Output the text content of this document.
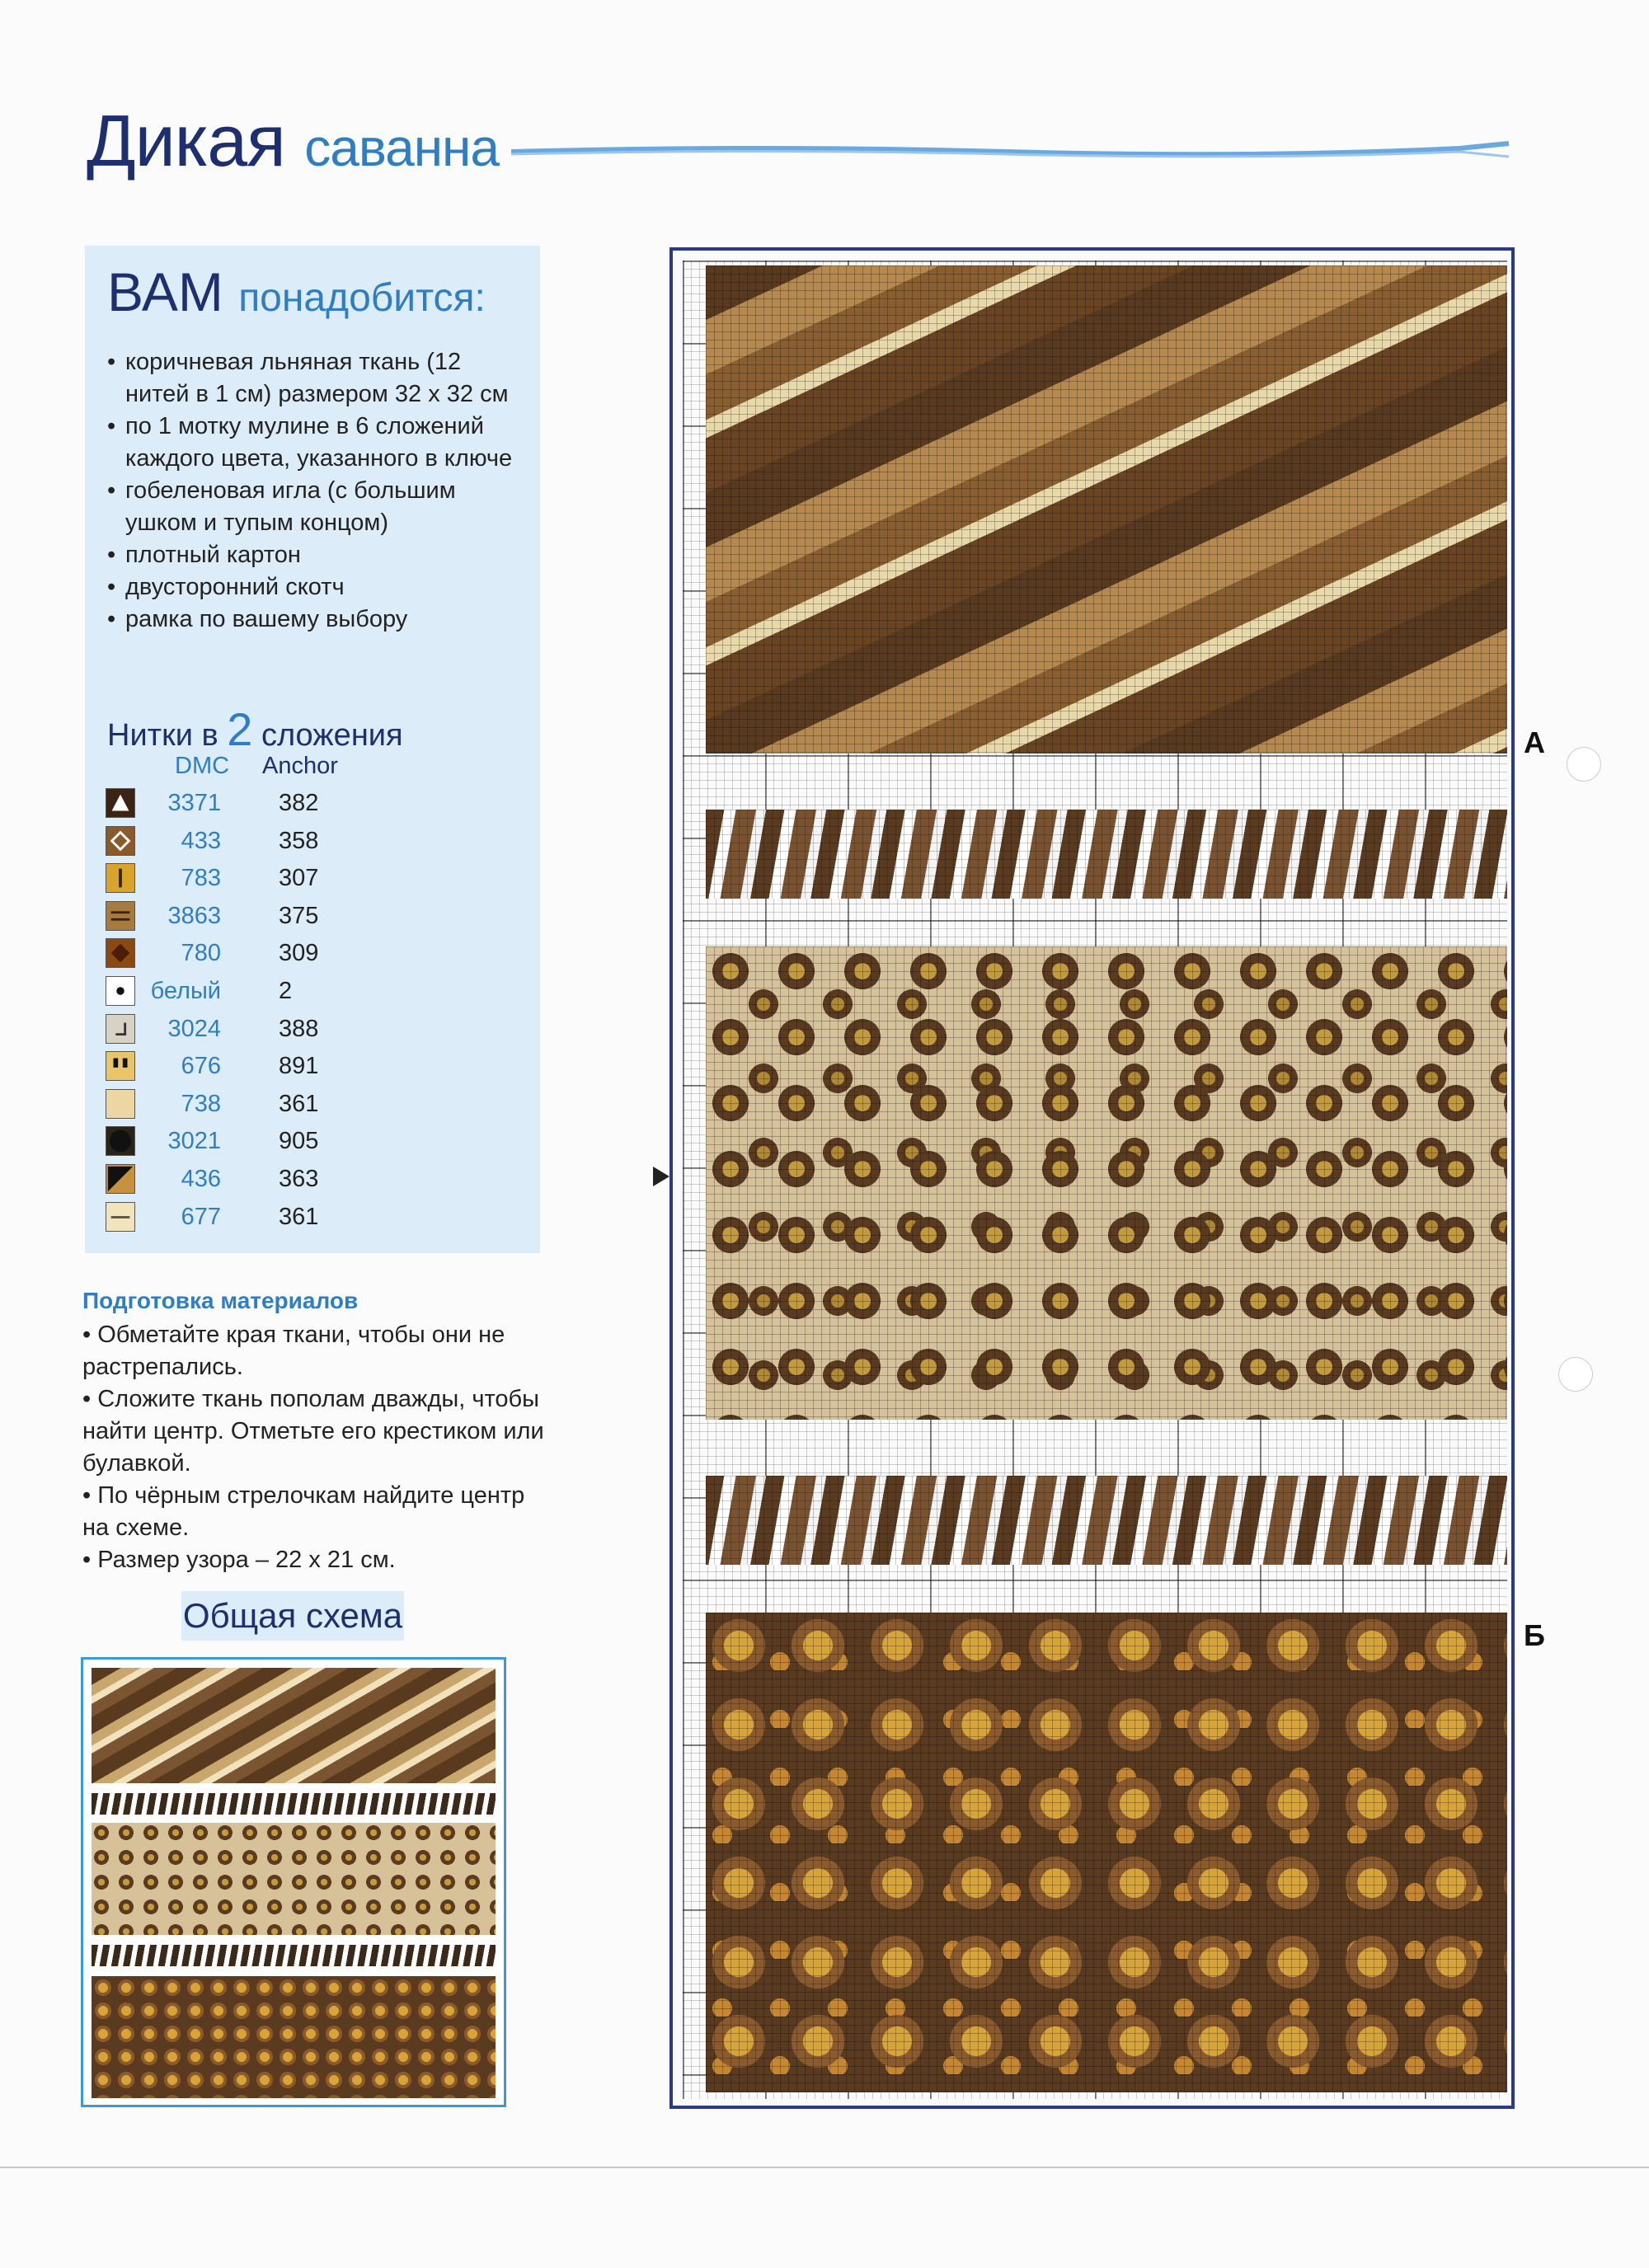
Дикая саванна
ВАМ понадобится:
• коричневая льняная ткань (12 нитей в 1 см) размером 32 х 32 см
• по 1 мотку мулине в 6 сложений каждого цвета, указанного в ключе
• гобеленовая игла (с большим ушком и тупым концом)
• плотный картон
• двусторонний скотч
• рамка по вашему выбору
Нитки в 2 сложения
DMC Anchor
3371 382
433 358
783 307
3863 375
780 309
белый 2
3024 388
676 891
738 361
3021 905
436 363
677 361
Подготовка материалов
• Обметайте края ткани, чтобы они не растрепались.
• Сложите ткань пополам дважды, чтобы найти центр. Отметьте его крестиком или булавкой.
• По чёрным стрелочкам найдите центр на схеме.
• Размер узора – 22 x 21 см.
Общая схема
А
Б
